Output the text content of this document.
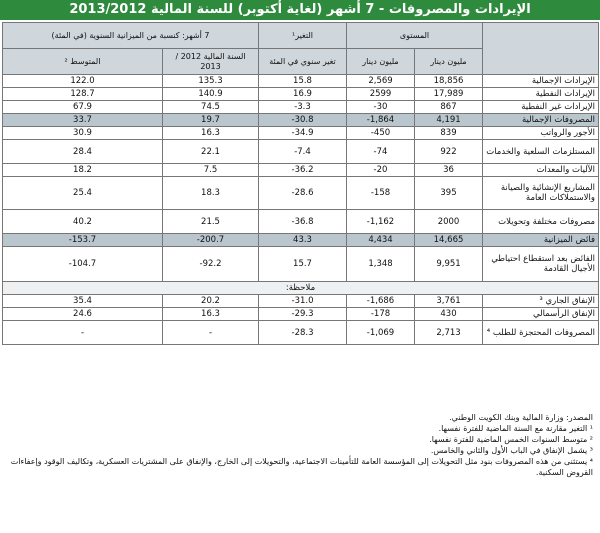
الإيرادات والمصروفات - 7 أشهر (لغاية أكتوبر) للسنة المالية 2013/2012
	المستوى		التغير¹	7 أشهر: كنسبة من الميزانية السنوية (في المئة)	
	مليون دينار	مليون دينار	تغير سنوي في المئة	السنة المالية 2012 / 2013	المتوسط ²
الإيرادات الإجمالية	18,856	2,569	15.8	135.3	122.0
الإيرادات النفطية	17,989	2599	16.9	140.9	128.7
الإيرادات غير النفطية	867	30-	3.3-	74.5	67.9
المصروفات الإجمالية	4,191	1,864-	30.8-	19.7	33.7
الأجور والرواتب	839	450-	34.9-	16.3	30.9
المستلزمات السلعية والخدمات	922	74-	7.4-	22.1	28.4
الآليات والمعدات	36	20-	36.2-	7.5	18.2
المشاريع الإنشائية والصيانة والاستملاكات العامة	395	158-	28.6-	18.3	25.4
مصروفات مختلفة وتحويلات	2000	1,162-	36.8-	21.5	40.2
فائض الميزانية	14,665	4,434	43.3	200.7-	153.7-
الفائض بعد استقطاع احتياطي الأجيال القادمة	9,951	1,348	15.7	92.2-	104.7-
ملاحظة:					
الإنفاق الجاري ³	3,761	1,686-	31.0-	20.2	35.4
الإنفاق الرأسمالي	430	178-	29.3-	16.3	24.6
المصروفات المحتجزة للطلب ⁴	2,713	1,069-	28.3-	-	-
المصدر: وزارة المالية وبنك الكويت الوطني.
¹ التغير مقارنة مع السنة الماضية للفترة نفسها.
² متوسط السنوات الخمس الماضية للفترة نفسها.
³ يشمل الإنفاق في الباب الأول والثاني والخامس.
⁴ يستثنى من هذه المصروفات بنود مثل التحويلات إلى المؤسسة العامة للتأمينات الاجتماعية، والتحويلات إلى الخارج، والإنفاق على المشتريات العسكرية، وتكاليف الوقود وإعفاءات القروض السكنية.
